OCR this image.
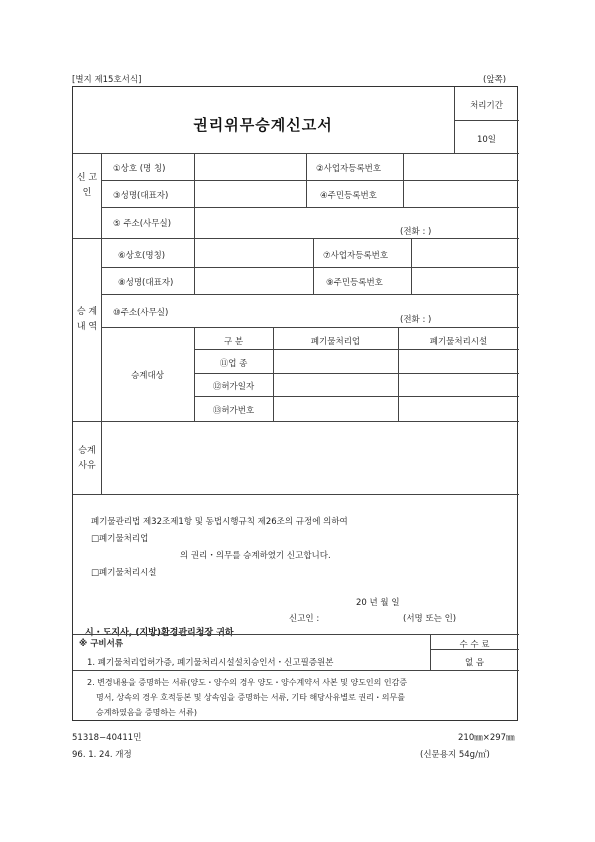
[별지 제15호서식]	(앞쪽)
권리위무승계신고서
처리기간
10일
신 고 인
①상호 (명 칭)	②사업자등록번호
③성명(대표자)	④주민등록번호
⑤ 주소(사무실)
(전화 : )
승 계내 역
⑥상호(명칭)	⑦사업자등록번호
⑧성명(대표자)	⑨주민등록번호
⑩주소(사무실)
(전화 : )
승계대상
구 분	폐기물처리업	폐기물처리시설
⑪업 종
⑫허가일자
⑬허가번호
승계 사유
폐기물관리법 제32조제1항 및 동법시행규칙 제26조의 규정에 의하여
□폐기물처리업
의 권리・의무를 승계하였기 신고합니다.
□폐기물처리시설
20 년 월 일
신고인 :	(서명 또는 인)
시・도지사, (지방)환경관리청장 귀하
※ 구비서류	수 수 료
없 음
1. 폐기물처리업허가증, 폐기물처리시설설치승인서・신고필증원본
2. 변경내용을 증명하는 서류(양도・양수의 경우 양도・양수계약서 사본 및 양도인의 인감증
명서, 상속의 경우 호적등본 및 상속임을 증명하는 서류, 기타 해당사유별로 권리・의무를
승계하였음을 증명하는 서류)
51318−40411민
96. 1. 24. 개정
210㎜×297㎜
(신문용지 54g/㎡)
